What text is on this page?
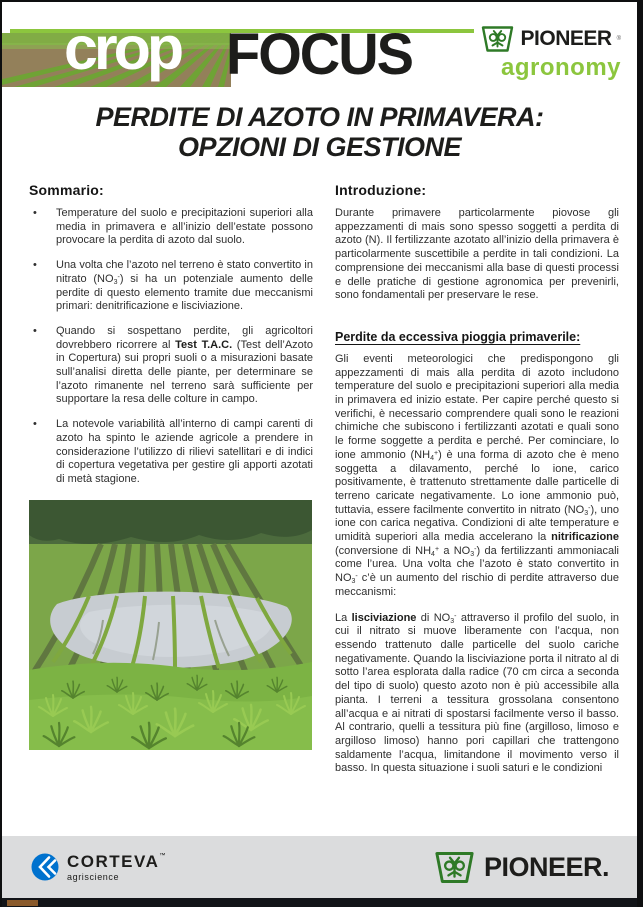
crop FOCUS	PIONEER ®
agronomy
PERDITE DI AZOTO IN PRIMAVERA:
OPZIONI DI GESTIONE
Sommario:
• Temperature del suolo e precipitazioni superiori alla media in primavera e all’inizio dell’estate possono provocare la perdita di azoto dal suolo.
• Una volta che l’azoto nel terreno è stato convertito in nitrato $(NO_3^-)$ si ha un potenziale aumento delle perdite di questo elemento tramite due meccanismi primari: denitrificazione e lisciviazione.
• Quando si sospettano perdite, gli agricoltori dovrebbero ricorrere al Test T.A.C. (Test dell’Azoto in Copertura) sui propri suoli o a misurazioni basate sull’analisi diretta delle piante, per determinare se l’azoto rimanente nel terreno sarà sufficiente per supportare la resa delle colture in campo.
• La notevole variabilità all’interno di campi carenti di azoto ha spinto le aziende agricole a prendere in considerazione l’utilizzo di rilievi satellitari e di indici di copertura vegetativa per gestire gli apporti azotati di metà stagione.
Introduzione:

Durante primavere particolarmente piovose gli appezzamenti di mais sono spesso soggetti a perdita di azoto (N). Il fertilizzante azotato all’inizio della primavera è particolarmente suscettibile a perdite in tali condizioni. La comprensione dei meccanismi alla base di questi processi e delle pratiche di gestione agronomica per prevenirli, sono fondamentali per preservare le rese.

Perdite da eccessiva pioggia primaverile:

Gli eventi meteorologici che predispongono gli appezzamenti di mais alla perdita di azoto includono temperature del suolo e precipitazioni superiori alla media in primavera ed inizio estate. Per capire perché questo si verifichi, è necessario comprendere quali sono le reazioni chimiche che subiscono i fertilizzanti azotati e quali sono le forme soggette a perdita e perché. Per cominciare, lo ione ammonio $(NH_4^+)$ è una forma di azoto che è meno soggetta a dilavamento, perché lo ione, carico positivamente, è trattenuto strettamente dalle particelle di terreno caricate negativamente. Lo ione ammonio può, tuttavia, essere facilmente convertito in nitrato $(NO_3^-)$, uno ione con carica negativa. Condizioni di alte temperature e umidità superiori alla media accelerano la nitrificazione (conversione di $NH_4^+$ a $NO_3^-$) da fertilizzanti ammoniacali come l’urea. Una volta che l’azoto è stato convertito in $NO_3^-$ c’è un aumento del rischio di perdite attraverso due meccanismi:

La lisciviazione di $NO_3^-$ attraverso il profilo del suolo, in cui il nitrato si muove liberamente con l’acqua, non essendo trattenuto dalle particelle del suolo cariche negativamente. Quando la lisciviazione porta il nitrato al di sotto l’area esplorata dalla radice (70 cm circa a seconda del tipo di suolo) questo azoto non è più accessibile alla pianta. I terreni a tessitura grossolana consentono all’acqua e ai nitrati di spostarsi facilmente verso il basso. Al contrario, quelli a tessitura più fine (argilloso, limoso e argilloso limoso) hanno pori capillari che trattengono saldamente l’acqua, limitandone il movimento verso il basso. In questa situazione i suoli saturi e le condizioni

CORTEVA™
agriscience	PIONEER.
